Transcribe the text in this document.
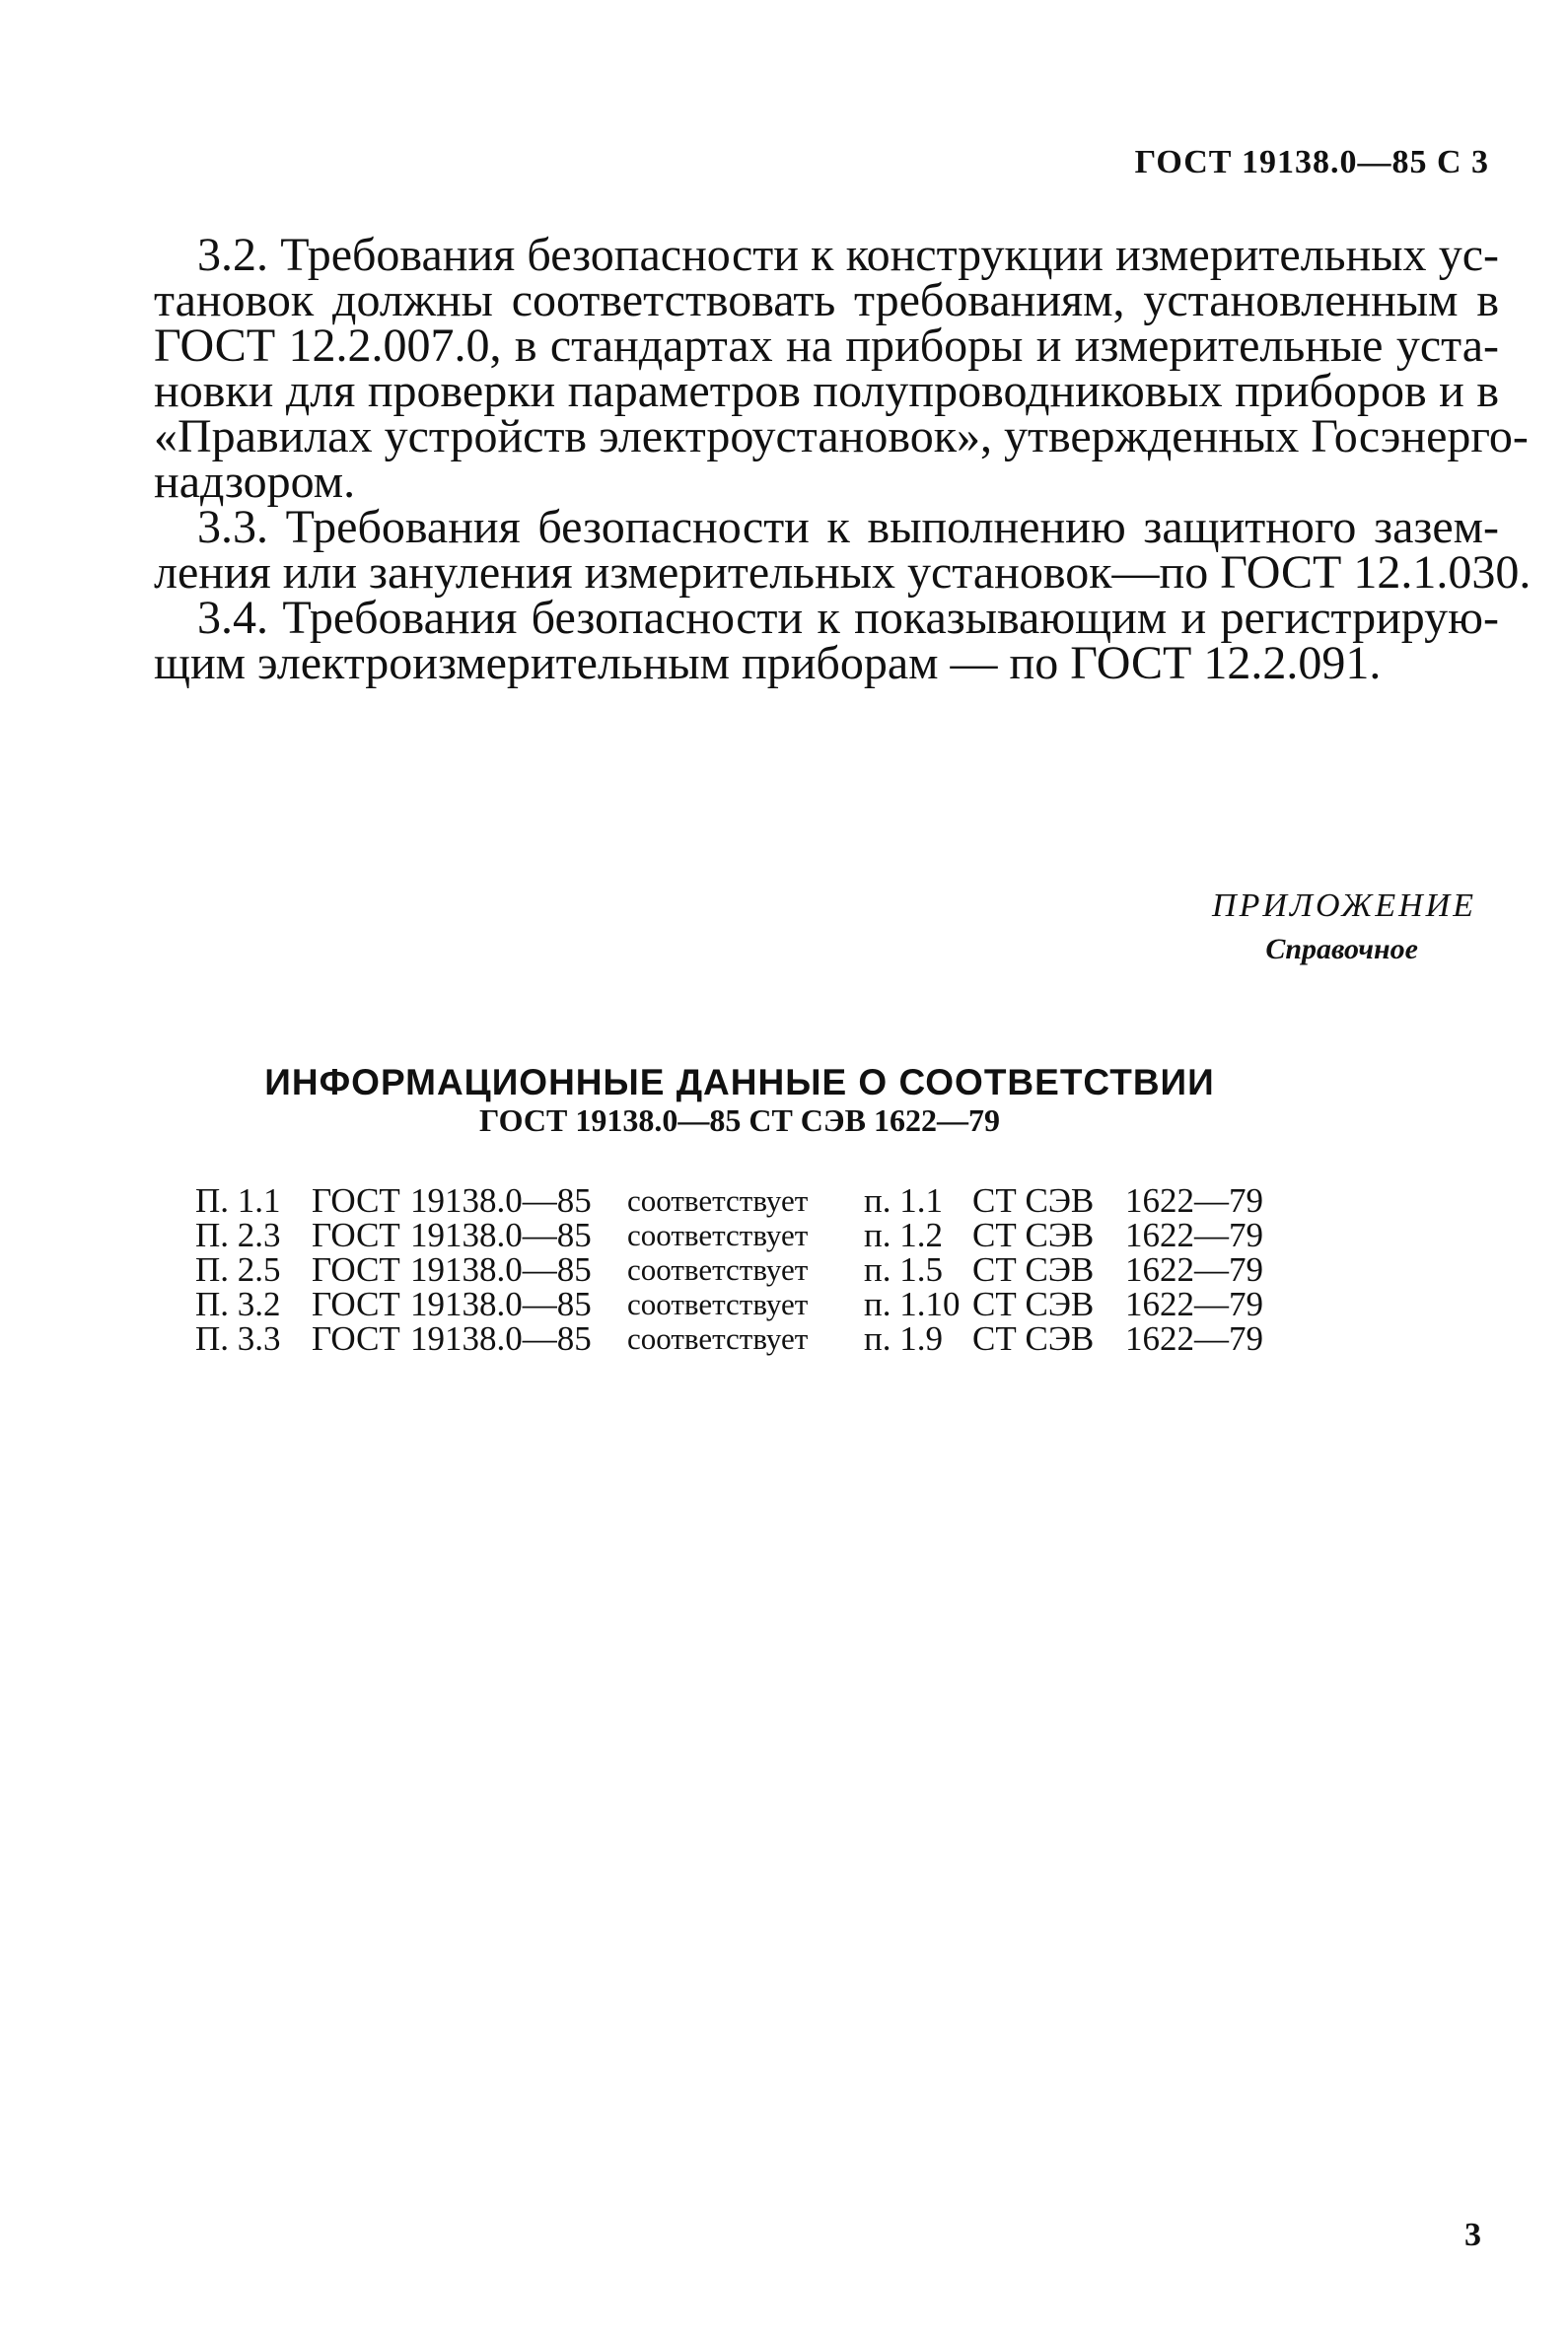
ГОСТ 19138.0—85 С 3
3.2. Требования безопасности к конструкции измерительных ус-
тановок должны соответствовать требованиям, установленным в
ГОСТ 12.2.007.0, в стандартах на приборы и измерительные уста-
новки для проверки параметров полупроводниковых приборов и в
«Правилах устройств электроустановок», утвержденных Госэнерго-
надзором.
3.3. Требования безопасности к выполнению защитного зазем-
ления или зануления измерительных установок—по ГОСТ 12.1.030.
3.4. Требования безопасности к показывающим и регистрирую-
щим электроизмерительным приборам — по ГОСТ 12.2.091.
ПРИЛОЖЕНИЕ
Справочное
ИНФОРМАЦИОННЫЕ ДАННЫЕ О СООТВЕТСТВИИ
ГОСТ 19138.0—85 СТ СЭВ 1622—79
П. 1.1	ГОСТ	19138.0—85	соответствует	п. 1.1	СТ СЭВ	1622—79
П. 2.3	ГОСТ	19138.0—85	соответствует	п. 1.2	СТ СЭВ	1622—79
П. 2.5	ГОСТ	19138.0—85	соответствует	п. 1.5	СТ СЭВ	1622—79
П. 3.2	ГОСТ	19138.0—85	соответствует	п. 1.10	СТ СЭВ	1622—79
П. 3.3	ГОСТ	19138.0—85	соответствует	п. 1.9	СТ СЭВ	1622—79
3
